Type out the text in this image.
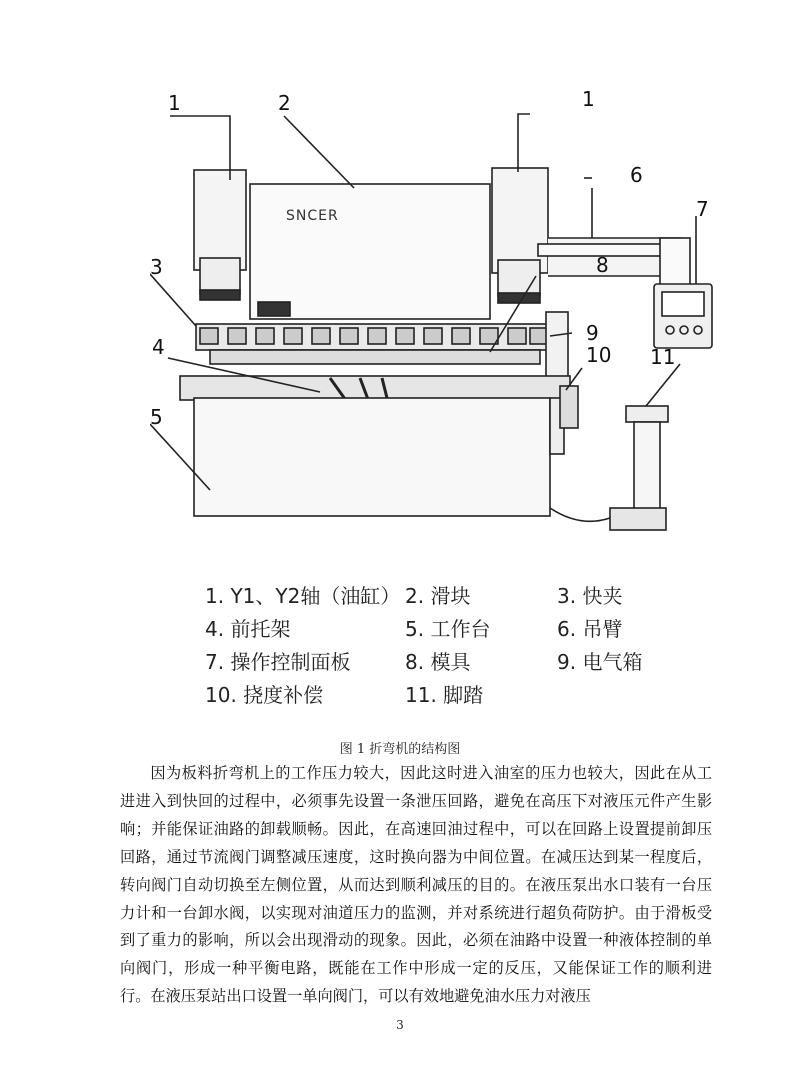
SNCER
1	2	1
6
7
3	8
9
4	10 11
5
1. Y1、Y2轴（油缸） 2. 滑块	3. 快夹
4. 前托架	5. 工作台	6. 吊臂
7. 操作控制面板	8. 模具	9. 电气箱
10. 挠度补偿	11. 脚踏
图 1 折弯机的结构图

因为板料折弯机上的工作压力较大，因此这时进入油室的压力也较大，因此在从工进进入到快回的过程中，必须事先设置一条泄压回路，避免在高压下对液压元件产生影响；并能保证油路的卸载顺畅。因此，在高速回油过程中，可以在回路上设置提前卸压回路，通过节流阀门调整减压速度，这时换向器为中间位置。在减压达到某一程度后，转向阀门自动切换至左侧位置，从而达到顺利减压的目的。在液压泵出水口装有一台压力计和一台卸水阀，以实现对油道压力的监测，并对系统进行超负荷防护。由于滑板受到了重力的影响，所以会出现滑动的现象。因此，必须在油路中设置一种液体控制的单向阀门，形成一种平衡电路，既能在工作中形成一定的反压，又能保证工作的顺利进行。在液压泵站出口设置一单向阀门，可以有效地避免油水压力对液压

3
